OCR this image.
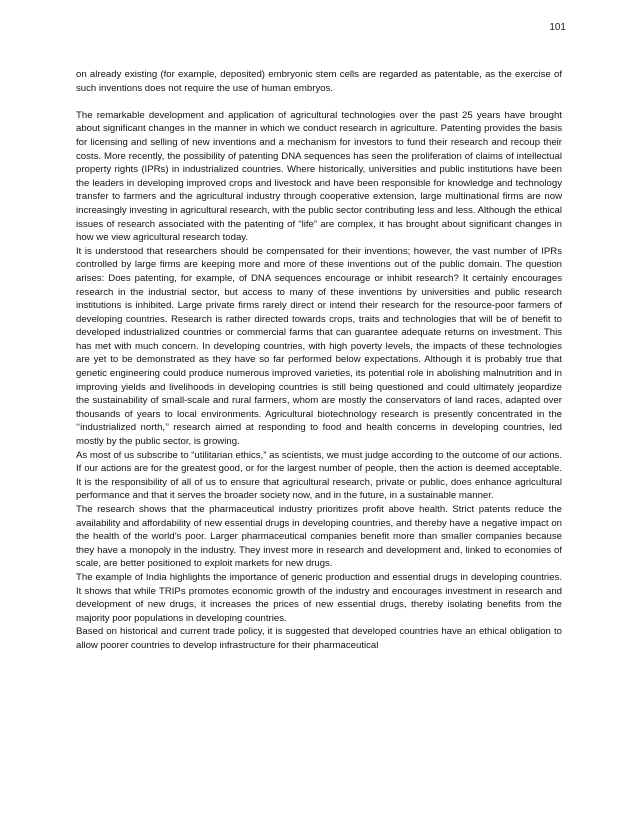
101

on already existing (for example, deposited) embryonic stem cells are regarded as patentable, as the exercise of such inventions does not require the use of human embryos.

The remarkable development and application of agricultural technologies over the past 25 years have brought about significant changes in the manner in which we conduct research in agriculture. Patenting provides the basis for licensing and selling of new inventions and a mechanism for investors to fund their research and recoup their costs. More recently, the possibility of patenting DNA sequences has seen the proliferation of claims of intellectual property rights (IPRs) in industrialized countries. Where historically, universities and public institutions have been the leaders in developing improved crops and livestock and have been responsible for knowledge and technology transfer to farmers and the agricultural industry through cooperative extension, large multinational firms are now increasingly investing in agricultural research, with the public sector contributing less and less. Although the ethical issues of research associated with the patenting of “life” are complex, it has brought about significant changes in how we view agricultural research today.

It is understood that researchers should be compensated for their inventions; however, the vast number of IPRs controlled by large firms are keeping more and more of these inventions out of the public domain. The question arises: Does patenting, for example, of DNA sequences encourage or inhibit research? It certainly encourages research in the industrial sector, but access to many of these inventions by universities and public research institutions is inhibited. Large private firms rarely direct or intend their research for the resource-poor farmers of developing countries. Research is rather directed towards crops, traits and technologies that will be of benefit to developed industrialized countries or commercial farms that can guarantee adequate returns on investment. This has met with much concern. In developing countries, with high poverty levels, the impacts of these technologies are yet to be demonstrated as they have so far performed below expectations. Although it is probably true that genetic engineering could produce numerous improved varieties, its potential role in abolishing malnutrition and in improving yields and livelihoods in developing countries is still being questioned and could ultimately jeopardize the sustainability of small-scale and rural farmers, whom are mostly the conservators of land races, adapted over thousands of years to local environments. Agricultural biotechnology research is presently concentrated in the ‘‘industrialized north,’’ research aimed at responding to food and health concerns in developing countries, led mostly by the public sector, is growing.

As most of us subscribe to “utilitarian ethics,” as scientists, we must judge according to the outcome of our actions. If our actions are for the greatest good, or for the largest number of people, then the action is deemed acceptable. It is the responsibility of all of us to ensure that agricultural research, private or public, does enhance agricultural performance and that it serves the broader society now, and in the future, in a sustainable manner.

The research shows that the pharmaceutical industry prioritizes profit above health. Strict patents reduce the availability and affordability of new essential drugs in developing countries, and thereby have a negative impact on the health of the world’s poor. Larger pharmaceutical companies benefit more than smaller companies because they have a monopoly in the industry. They invest more in research and development and, linked to economies of scale, are better positioned to exploit markets for new drugs.

The example of India highlights the importance of generic production and essential drugs in developing countries. It shows that while TRIPs promotes economic growth of the industry and encourages investment in research and development of new drugs, it increases the prices of new essential drugs, thereby isolating benefits from the majority poor populations in developing countries.

Based on historical and current trade policy, it is suggested that developed countries have an ethical obligation to allow poorer countries to develop infrastructure for their pharmaceutical
